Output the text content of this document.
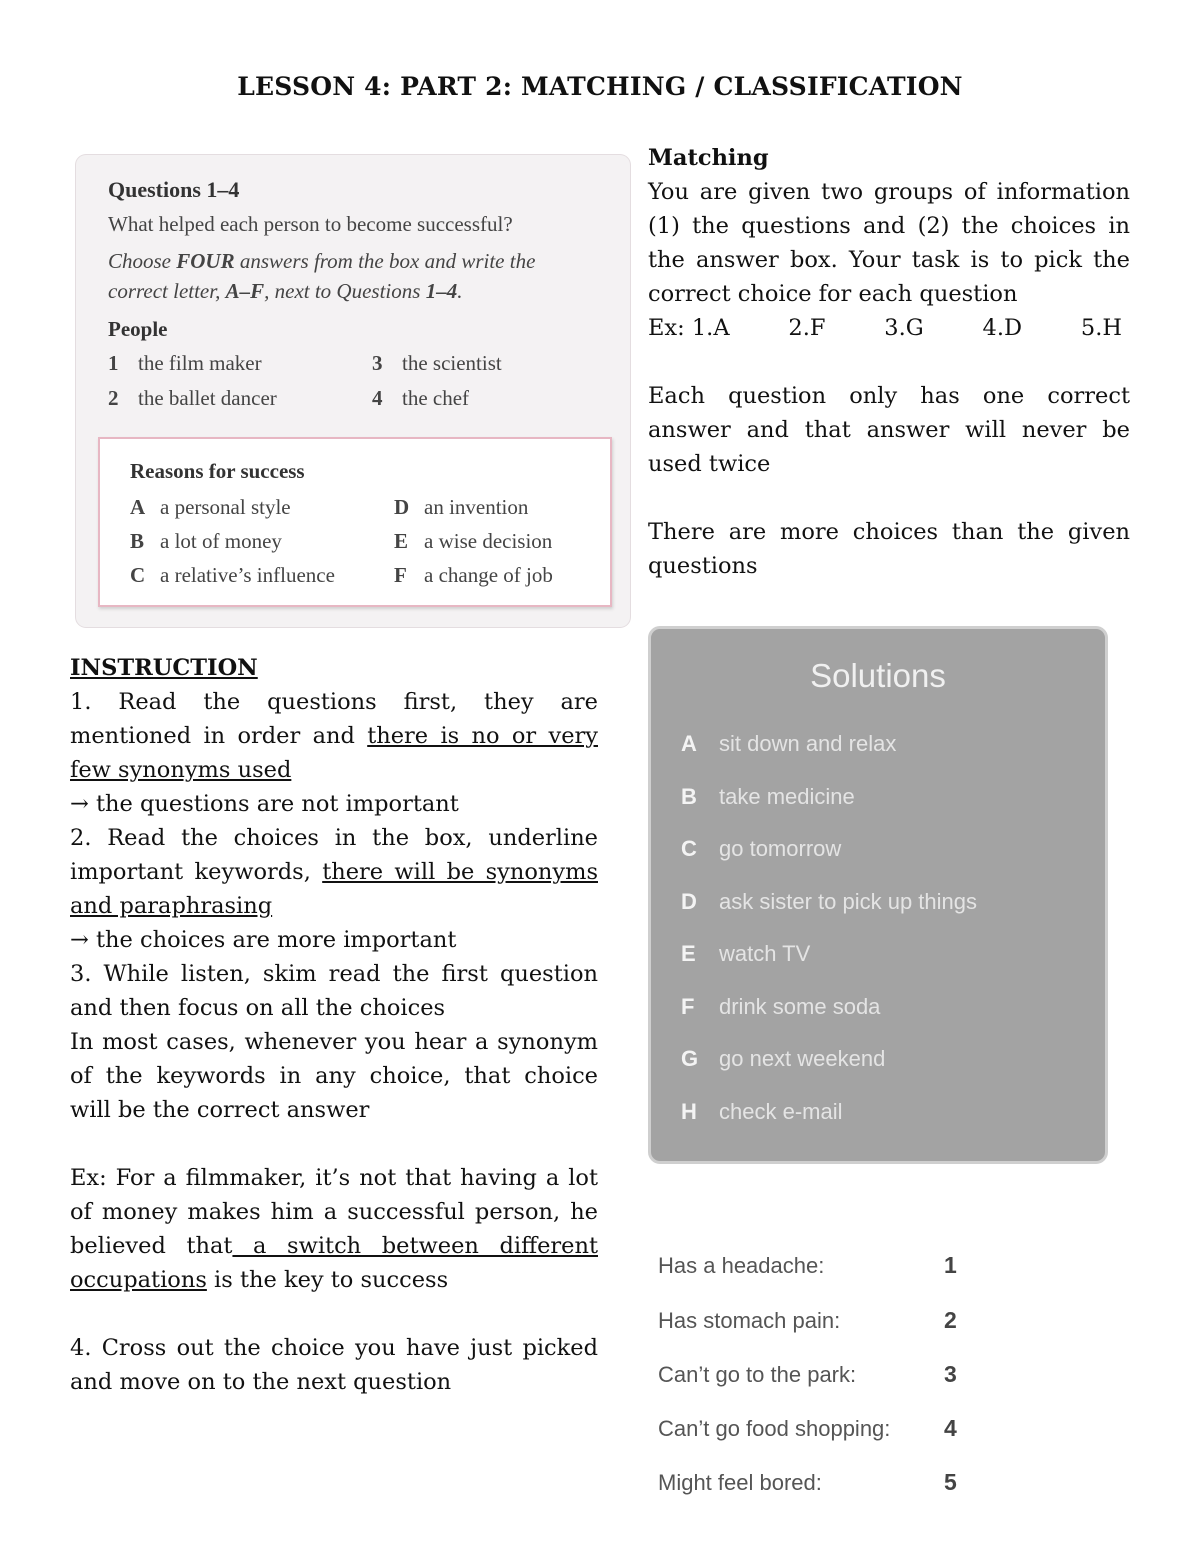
LESSON 4: PART 2: MATCHING / CLASSIFICATION
Questions 1–4
What helped each person to become successful?
Choose FOUR answers from the box and write the
correct letter, A–F, next to Questions 1–4.
People
1 the film maker
2 the ballet dancer
3 the scientist
4 the chef
Reasons for success
A a personal style
B a lot of money
C a relative’s influence
D an invention
E a wise decision
F a change of job

Matching

You are given two groups of information (1) the questions and (2) the choices in the answer box. Your task is to pick the correct choice for each question

Ex: 1.A	2.F	3.G	4.D	5.H

Each question only has one correct answer and that answer will never be used twice

There are more choices than the given questions

INSTRUCTION

1. Read the questions first, they are mentioned in order and there is no or very few synonyms used

→ the questions are not important

2. Read the choices in the box, underline important keywords, there will be synonyms and paraphrasing

→ the choices are more important

3. While listen, skim read the first question and then focus on all the choices

In most cases, whenever you hear a synonym of the keywords in any choice, that choice will be the correct answer

Ex: For a filmmaker, it’s not that having a lot of money makes him a successful person, he believed that a switch between different occupations is the key to success

4. Cross out the choice you have just picked and move on to the next question

Solutions
A sit down and relax
B take medicine
C go tomorrow
D ask sister to pick up things
E watch TV
F drink some soda
G go next weekend
H check e-mail
Has a headache:	1
Has stomach pain:	2
Can’t go to the park:	3
Can’t go food shopping: 4
Might feel bored:	5
